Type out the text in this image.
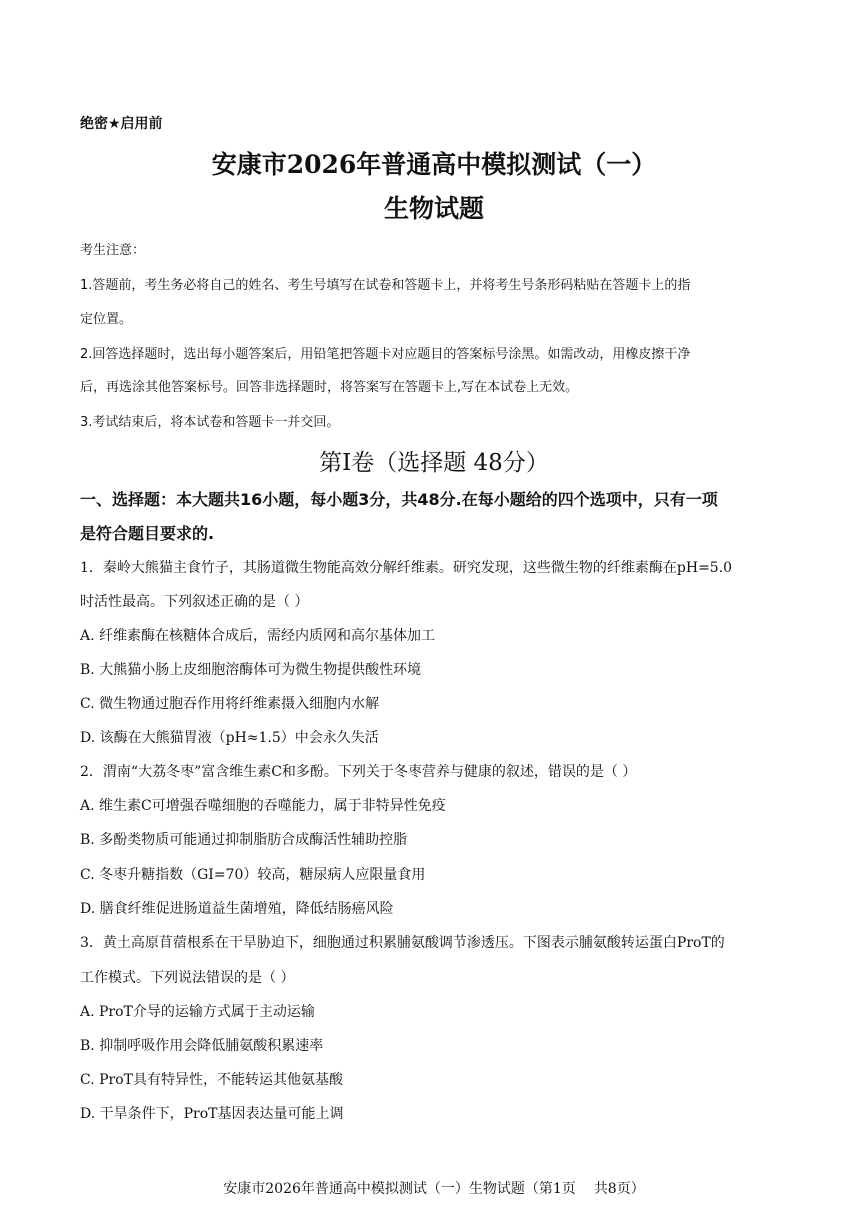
绝密★启用前
安康市2026年普通高中模拟测试（一）
生物试题
考生注意：
1.答题前，考生务必将自己的姓名、考生号填写在试卷和答题卡上，并将考生号条形码粘贴在答题卡上的指
定位置。
2.回答选择题时，选出每小题答案后，用铅笔把答题卡对应题目的答案标号涂黑。如需改动，用橡皮擦干净
后，再选涂其他答案标号。回答非选择题时，将答案写在答题卡上,写在本试卷上无效。
3.考试结束后，将本试卷和答题卡一并交回。
第Ⅰ卷（选择题 48分）
一、选择题：本大题共16小题，每小题3分，共48分.在每小题给的四个选项中，只有一项
是符合题目要求的.
1．秦岭大熊猫主食竹子，其肠道微生物能高效分解纤维素。研究发现，这些微生物的纤维素酶在pH=5.0
时活性最高。下列叙述正确的是（ ）
A. 纤维素酶在核糖体合成后，需经内质网和高尔基体加工
B. 大熊猫小肠上皮细胞溶酶体可为微生物提供酸性环境
C. 微生物通过胞吞作用将纤维素摄入细胞内水解
D. 该酶在大熊猫胃液（pH≈1.5）中会永久失活
2．渭南“大荔冬枣”富含维生素C和多酚。下列关于冬枣营养与健康的叙述，错误的是（ ）
A. 维生素C可增强吞噬细胞的吞噬能力，属于非特异性免疫
B. 多酚类物质可能通过抑制脂肪合成酶活性辅助控脂
C. 冬枣升糖指数（GI=70）较高，糖尿病人应限量食用
D. 膳食纤维促进肠道益生菌增殖，降低结肠癌风险
3．黄土高原苜蓿根系在干旱胁迫下，细胞通过积累脯氨酸调节渗透压。下图表示脯氨酸转运蛋白ProT的
工作模式。下列说法错误的是（ ）
A. ProT介导的运输方式属于主动运输
B. 抑制呼吸作用会降低脯氨酸积累速率
C. ProT具有特异性，不能转运其他氨基酸
D. 干旱条件下，ProT基因表达量可能上调
安康市2026年普通高中模拟测试（一）生物试题（第1页 共8页）
